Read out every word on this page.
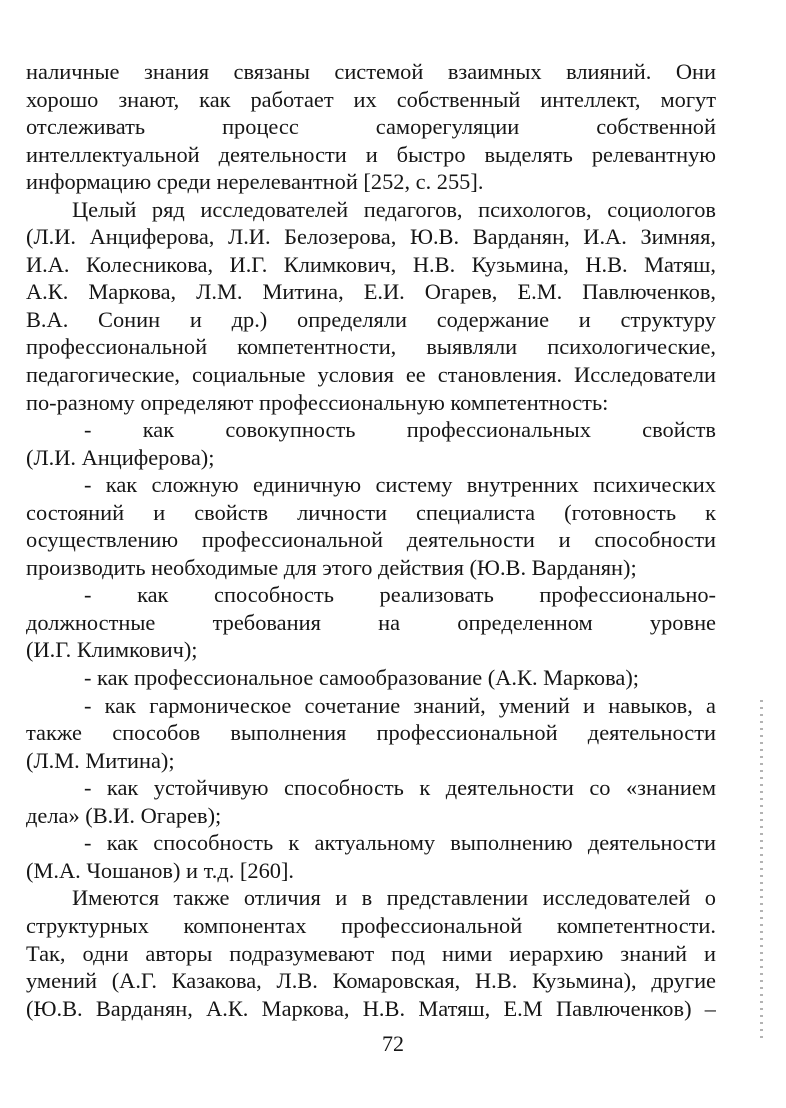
наличные знания связаны системой взаимных влияний. Они
хорошо знают, как работает их собственный интеллект, могут
отслеживать процесс саморегуляции собственной
интеллектуальной деятельности и быстро выделять релевантную
информацию среди нерелевантной [252, с. 255].
Целый ряд исследователей педагогов, психологов, социологов
(Л.И. Анциферова, Л.И. Белозерова, Ю.В. Варданян, И.А. Зимняя,
И.А. Колесникова, И.Г. Климкович, Н.В. Кузьмина, Н.В. Матяш,
А.К. Маркова, Л.М. Митина, Е.И. Огарев, Е.М. Павлюченков,
В.А. Сонин и др.) определяли содержание и структуру
профессиональной компетентности, выявляли психологические,
педагогические, социальные условия ее становления. Исследователи
по-разному определяют профессиональную компетентность:
- как совокупность профессиональных свойств
(Л.И. Анциферова);
- как сложную единичную систему внутренних психических
состояний и свойств личности специалиста (готовность к
осуществлению профессиональной деятельности и способности
производить необходимые для этого действия (Ю.В. Варданян);
- как способность реализовать профессионально-
должностные требования на определенном уровне
(И.Г. Климкович);
- как профессиональное самообразование (А.К. Маркова);
- как гармоническое сочетание знаний, умений и навыков, а
также способов выполнения профессиональной деятельности
(Л.М. Митина);
- как устойчивую способность к деятельности со «знанием
дела» (В.И. Огарев);
- как способность к актуальному выполнению деятельности
(М.А. Чошанов) и т.д. [260].
Имеются также отличия и в представлении исследователей о
структурных компонентах профессиональной компетентности.
Так, одни авторы подразумевают под ними иерархию знаний и
умений (А.Г. Казакова, Л.В. Комаровская, Н.В. Кузьмина), другие
(Ю.В. Варданян, А.К. Маркова, Н.В. Матяш, Е.М Павлюченков) –
72
